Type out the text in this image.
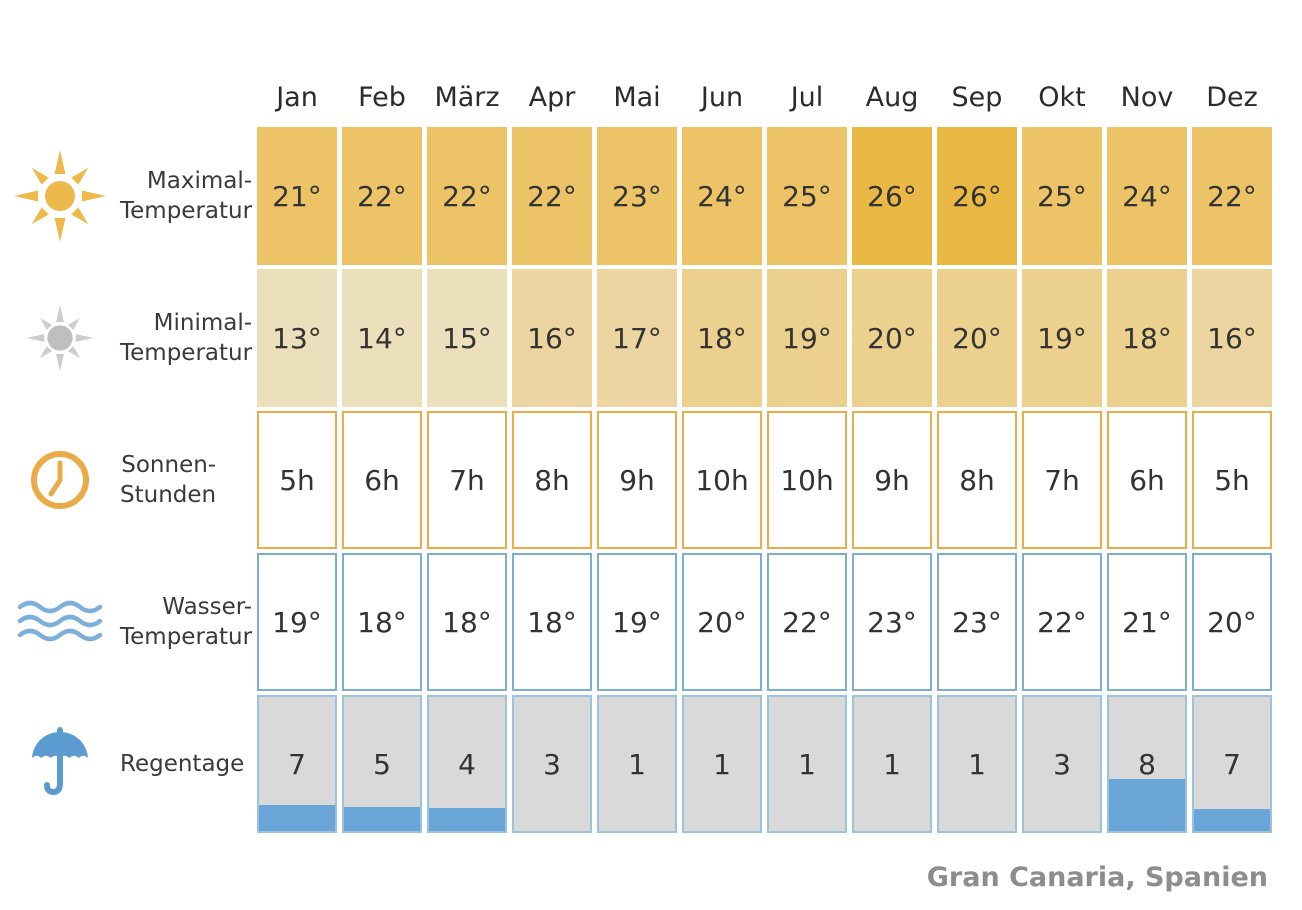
Jan Feb März Apr Mai Jun Jul Aug Sep Okt Nov Dez
Maximal-
Temperatur 21° 22° 22° 22° 23° 24° 25° 26° 26° 25° 24° 22°
Minimal-
Temperatur 13° 14° 15° 16° 17° 18° 19° 20° 20° 19° 18° 16°
Sonnen-
Stunden 5h 6h 7h 8h 9h 10h 10h 9h 8h 7h 6h 5h
Wasser-
Temperatur 19° 18° 18° 18° 19° 20° 22° 23° 23° 22° 21° 20°
Regentage 7 5 4 3 1 1 1 1 1 3 8 7
Gran Canaria, Spanien
